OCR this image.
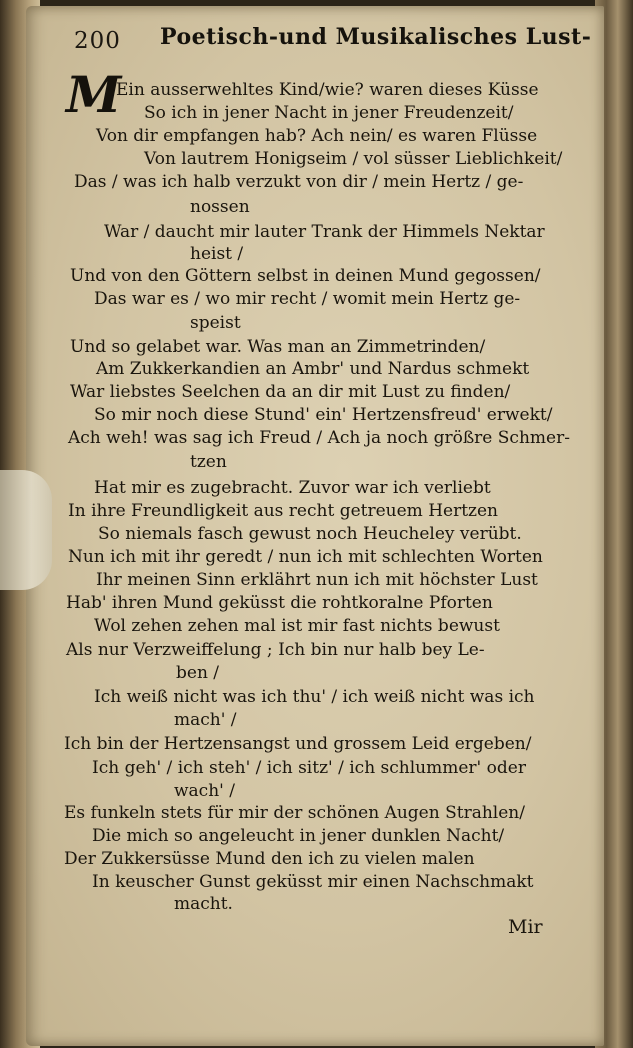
200 Poetisch-und Musikalisches Lust-
M
Ein ausserwehltes Kind/wie? waren dieses Küsse
So ich in jener Nacht in jener Freudenzeit/
Von dir empfangen hab? Ach nein/ es waren Flüsse
Von lautrem Honigseim / vol süsser Lieblichkeit/
Das / was ich halb verzukt von dir / mein Hertz / ge-
nossen
War / daucht mir lauter Trank der Himmels Nektar
heist /
Und von den Göttern selbst in deinen Mund gegossen/
Das war es / wo mir recht / womit mein Hertz ge-
speist
Und so gelabet war. Was man an Zimmetrinden/
Am Zukkerkandien an Ambr' und Nardus schmekt
War liebstes Seelchen da an dir mit Lust zu finden/
So mir noch diese Stund' ein' Hertzensfreud' erwekt/
Ach weh! was sag ich Freud / Ach ja noch größre Schmer-
tzen
Hat mir es zugebracht. Zuvor war ich verliebt
In ihre Freundligkeit aus recht getreuem Hertzen
So niemals fasch gewust noch Heucheley verübt.
Nun ich mit ihr geredt / nun ich mit schlechten Worten
Ihr meinen Sinn erklährt nun ich mit höchster Lust
Hab' ihren Mund geküsst die rohtkoralne Pforten
Wol zehen zehen mal ist mir fast nichts bewust
Als nur Verzweiffelung ; Ich bin nur halb bey Le-
ben /
Ich weiß nicht was ich thu' / ich weiß nicht was ich
mach' /
Ich bin der Hertzensangst und grossem Leid ergeben/
Ich geh' / ich steh' / ich sitz' / ich schlummer' oder
wach' /
Es funkeln stets für mir der schönen Augen Strahlen/
Die mich so angeleucht in jener dunklen Nacht/
Der Zukkersüsse Mund den ich zu vielen malen
In keuscher Gunst geküsst mir einen Nachschmakt
macht.
Mir
